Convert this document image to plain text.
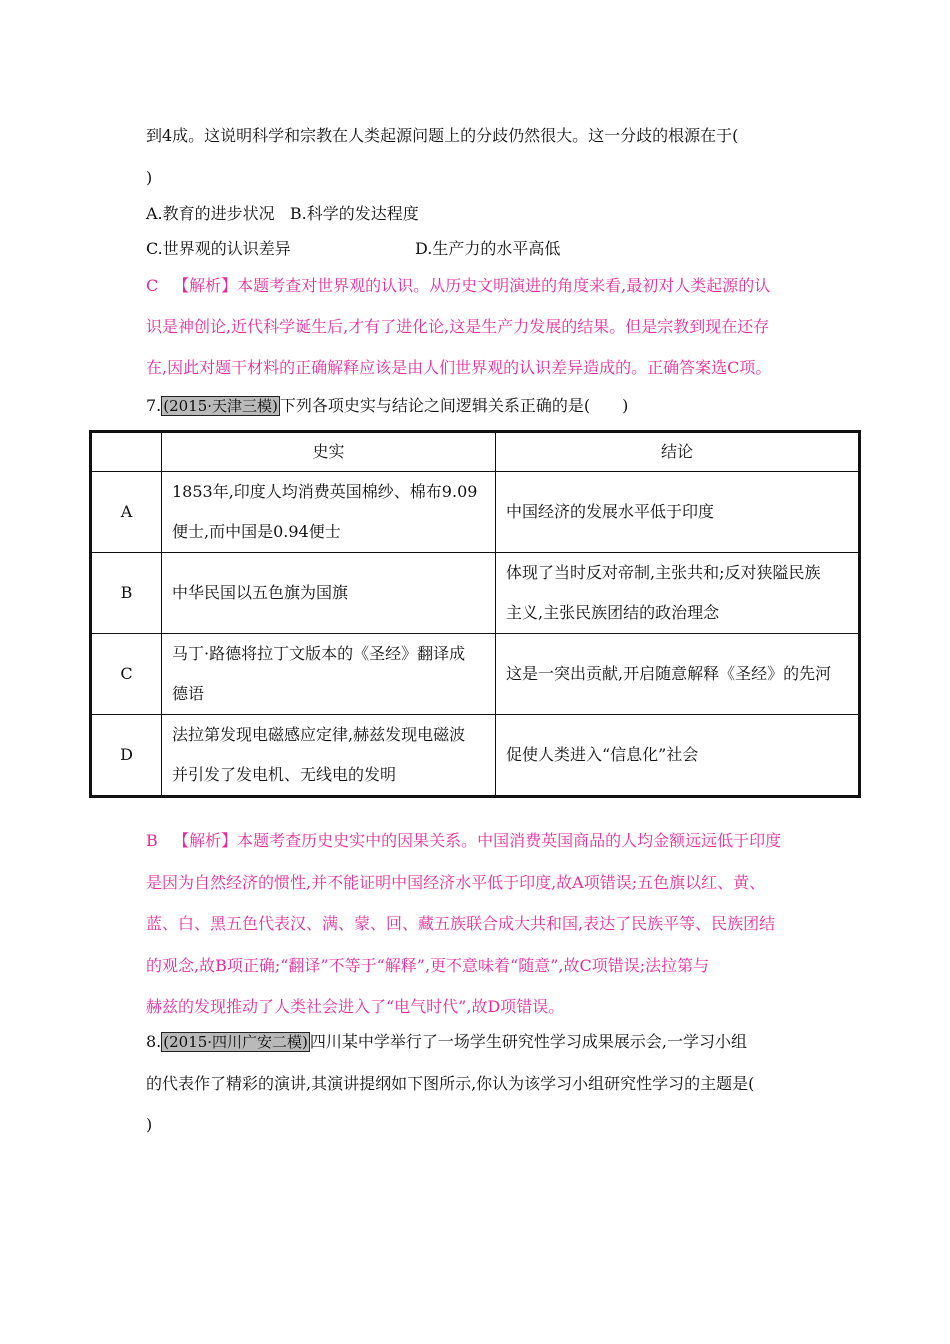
到4成。这说明科学和宗教在人类起源问题上的分歧仍然很大。这一分歧的根源在于(
)
A.教育的进步状况 B.科学的发达程度
C.世界观的认识差异	D.生产力的水平高低
C 【解析】本题考查对世界观的认识。从历史文明演进的角度来看,最初对人类起源的认
识是神创论,近代科学诞生后,才有了进化论,这是生产力发展的结果。但是宗教到现在还存
在,因此对题干材料的正确解释应该是由人们世界观的认识差异造成的。正确答案选C项。
7. (2015·天津三模) 下列各项史实与结论之间逻辑关系正确的是(　　)
	史实	结论
A	1853年,印度人均消费英国棉纱、棉布9.09
便士,而中国是0.94便士	中国经济的发展水平低于印度
B	中华民国以五色旗为国旗	体现了当时反对帝制,主张共和;反对狭隘民族
主义,主张民族团结的政治理念

C	马丁·路德将拉丁文版本的《圣经》翻译成
德语	这是一突出贡献,开启随意解释《圣经》的先河
D	法拉第发现电磁感应定律,赫兹发现电磁波
并引发了发电机、无线电的发明	促使人类进入“信息化”社会
B 【解析】本题考查历史史实中的因果关系。中国消费英国商品的人均金额远远低于印度
是因为自然经济的惯性,并不能证明中国经济水平低于印度,故A项错误;五色旗以红、黄、
蓝、白、黑五色代表汉、满、蒙、回、藏五族联合成大共和国,表达了民族平等、民族团结
的观念,故B项正确;“翻译”不等于“解释”,更不意味着“随意”,故C项错误;法拉第与
赫兹的发现推动了人类社会进入了“电气时代”,故D项错误。
8. (2015·四川广安二模) 四川某中学举行了一场学生研究性学习成果展示会,一学习小组
的代表作了精彩的演讲,其演讲提纲如下图所示,你认为该学习小组研究性学习的主题是(
)
